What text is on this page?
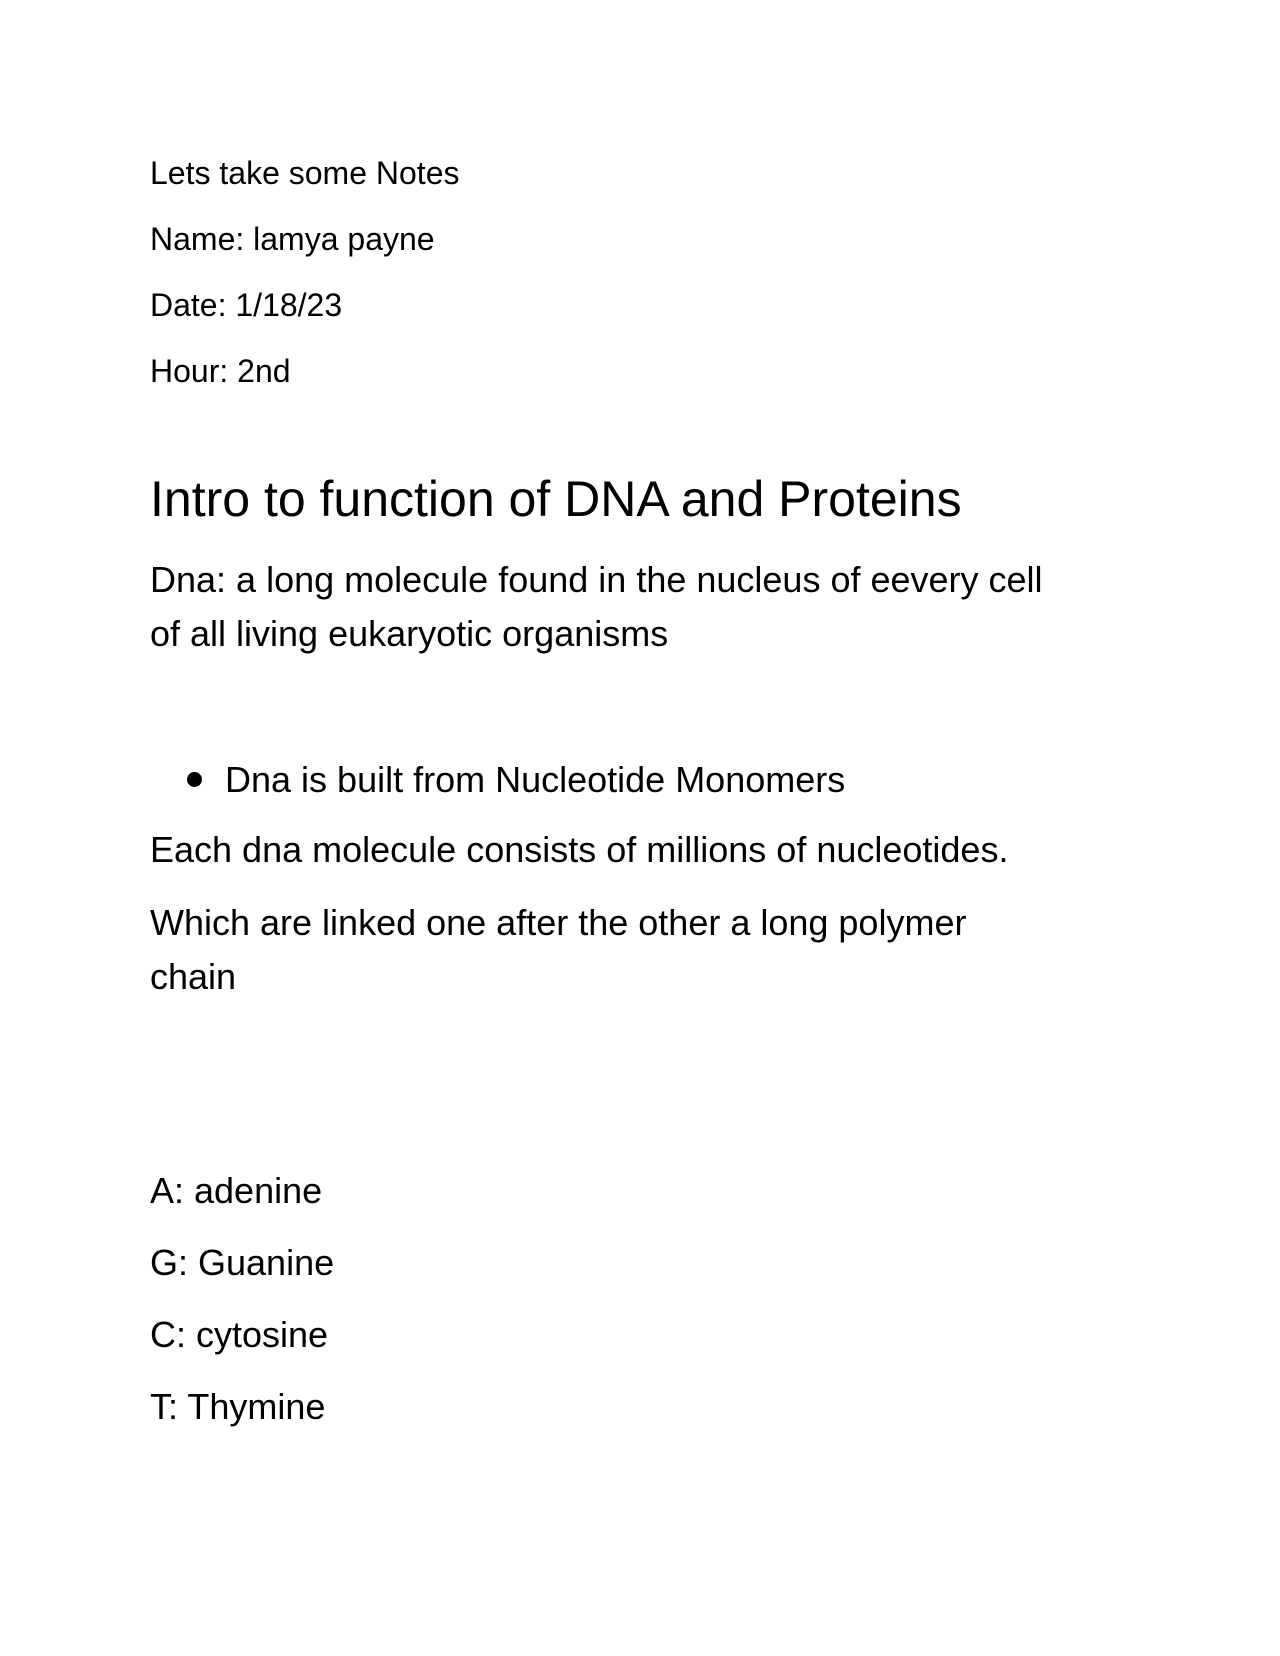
Lets take some Notes

Name: lamya payne

Date: 1/18/23

Hour: 2nd

Intro to function of DNA and Proteins

Dna: a long molecule found in the nucleus of eevery cell

of all living eukaryotic organisms

Dna is built from Nucleotide Monomers

Each dna molecule consists of millions of nucleotides.

Which are linked one after the other a long polymer

chain

A: adenine

G: Guanine

C: cytosine

T: Thymine
